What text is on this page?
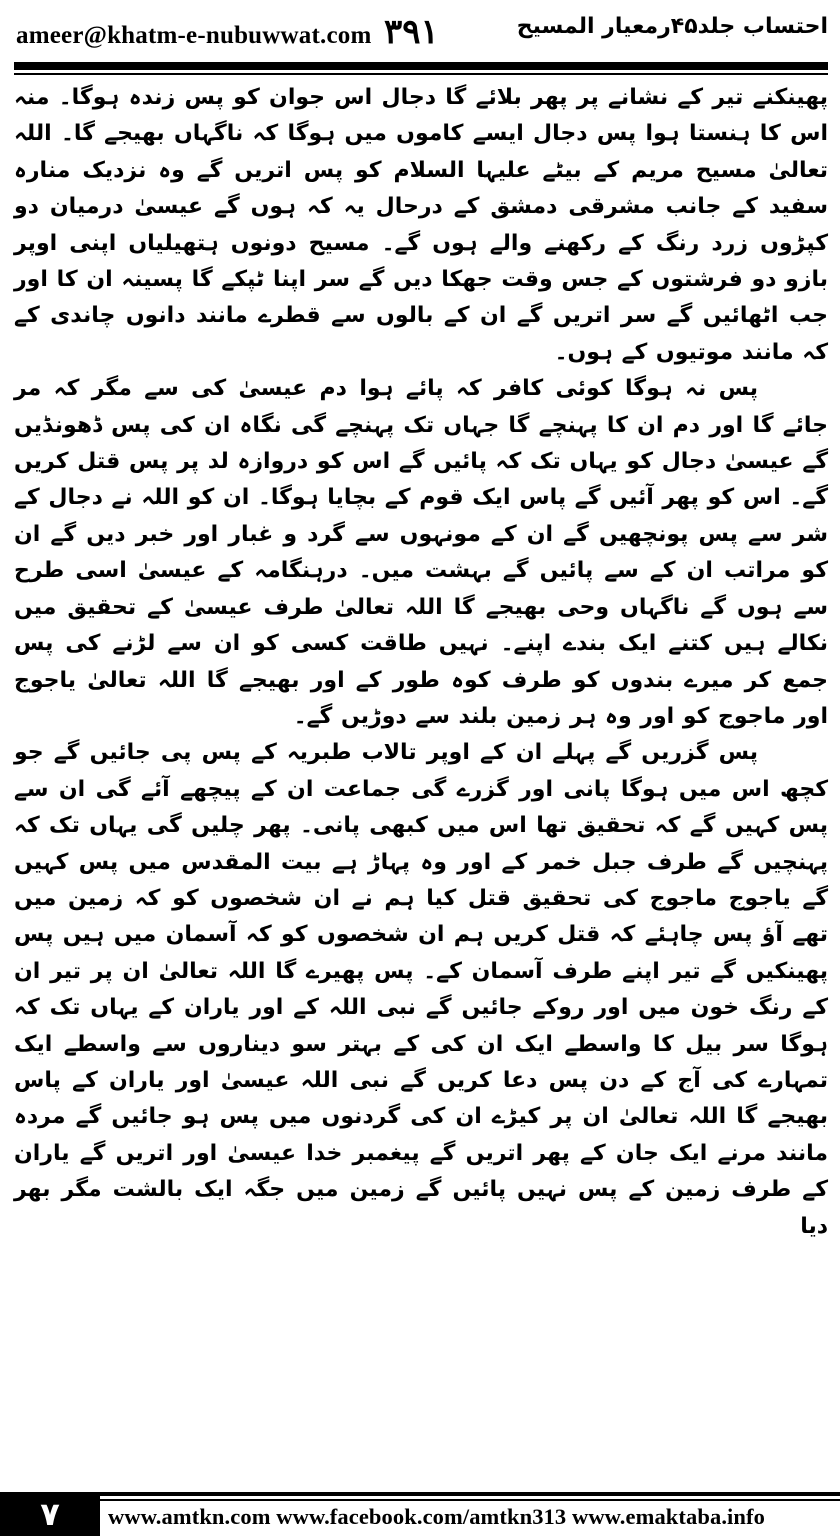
ameer@khatm-e-nubuwwat.com ۳۹۱	احتساب جلد۴۵رمعیار المسیح

پھینکنے تیر کے نشانے پر پھر بلائے گا دجال اس جوان کو پس زندہ ہوگا۔ منہ اس کا ہنستا ہوا پس دجال ایسے کاموں میں ہوگا کہ ناگہاں بھیجے گا۔ اللہ تعالیٰ مسیح مریم کے بیٹے علیہا السلام کو پس اتریں گے وہ نزدیک منارہ سفید کے جانب مشرقی دمشق کے درحال یہ کہ ہوں گے عیسیٰ درمیان دو کپڑوں زرد رنگ کے رکھنے والے ہوں گے۔ مسیح دونوں ہتھیلیاں اپنی اوپر بازو دو فرشتوں کے جس وقت جھکا دیں گے سر اپنا ٹپکے گا پسینہ ان کا اور جب اٹھائیں گے سر اتریں گے ان کے بالوں سے قطرے مانند دانوں چاندی کے کہ مانند موتیوں کے ہوں۔

پس نہ ہوگا کوئی کافر کہ پائے ہوا دم عیسیٰ کی سے مگر کہ مر جائے گا اور دم ان کا پہنچے گا جہاں تک پہنچے گی نگاہ ان کی پس ڈھونڈیں گے عیسیٰ دجال کو یہاں تک کہ پائیں گے اس کو دروازہ لد پر پس قتل کریں گے۔ اس کو پھر آئیں گے پاس ایک قوم کے بچایا ہوگا۔ ان کو اللہ نے دجال کے شر سے پس پونچھیں گے ان کے مونہوں سے گرد و غبار اور خبر دیں گے ان کو مراتب ان کے سے پائیں گے بہشت میں۔ درہنگامہ کے عیسیٰ اسی طرح سے ہوں گے ناگہاں وحی بھیجے گا اللہ تعالیٰ طرف عیسیٰ کے تحقیق میں نکالے ہیں کتنے ایک بندے اپنے۔ نہیں طاقت کسی کو ان سے لڑنے کی پس جمع کر میرے بندوں کو طرف کوہ طور کے اور بھیجے گا اللہ تعالیٰ یاجوج اور ماجوج کو اور وہ ہر زمین بلند سے دوڑیں گے۔

پس گزریں گے پہلے ان کے اوپر تالاب طبریہ کے پس پی جائیں گے جو کچھ اس میں ہوگا پانی اور گزرے گی جماعت ان کے پیچھے آئے گی ان سے پس کہیں گے کہ تحقیق تھا اس میں کبھی پانی۔ پھر چلیں گی یہاں تک کہ پہنچیں گے طرف جبل خمر کے اور وہ پہاڑ ہے بیت المقدس میں پس کہیں گے یاجوج ماجوج کی تحقیق قتل کیا ہم نے ان شخصوں کو کہ زمین میں تھے آؤ پس چاہئے کہ قتل کریں ہم ان شخصوں کو کہ آسمان میں ہیں پس پھینکیں گے تیر اپنے طرف آسمان کے۔ پس پھیرے گا اللہ تعالیٰ ان پر تیر ان کے رنگ خون میں اور روکے جائیں گے نبی اللہ کے اور یاران کے یہاں تک کہ ہوگا سر بیل کا واسطے ایک ان کی کے بہتر سو دیناروں سے واسطے ایک تمہارے کی آج کے دن پس دعا کریں گے نبی اللہ عیسیٰ اور یاران کے پاس بھیجے گا اللہ تعالیٰ ان پر کیڑے ان کی گردنوں میں پس ہو جائیں گے مردہ مانند مرنے ایک جان کے پھر اتریں گے پیغمبر خدا عیسیٰ اور اتریں گے یاران کے طرف زمین کے پس نہیں پائیں گے زمین میں جگہ ایک بالشت مگر بھر دیا

۷	www.amtkn.com www.facebook.com/amtkn313 www.emaktaba.info
